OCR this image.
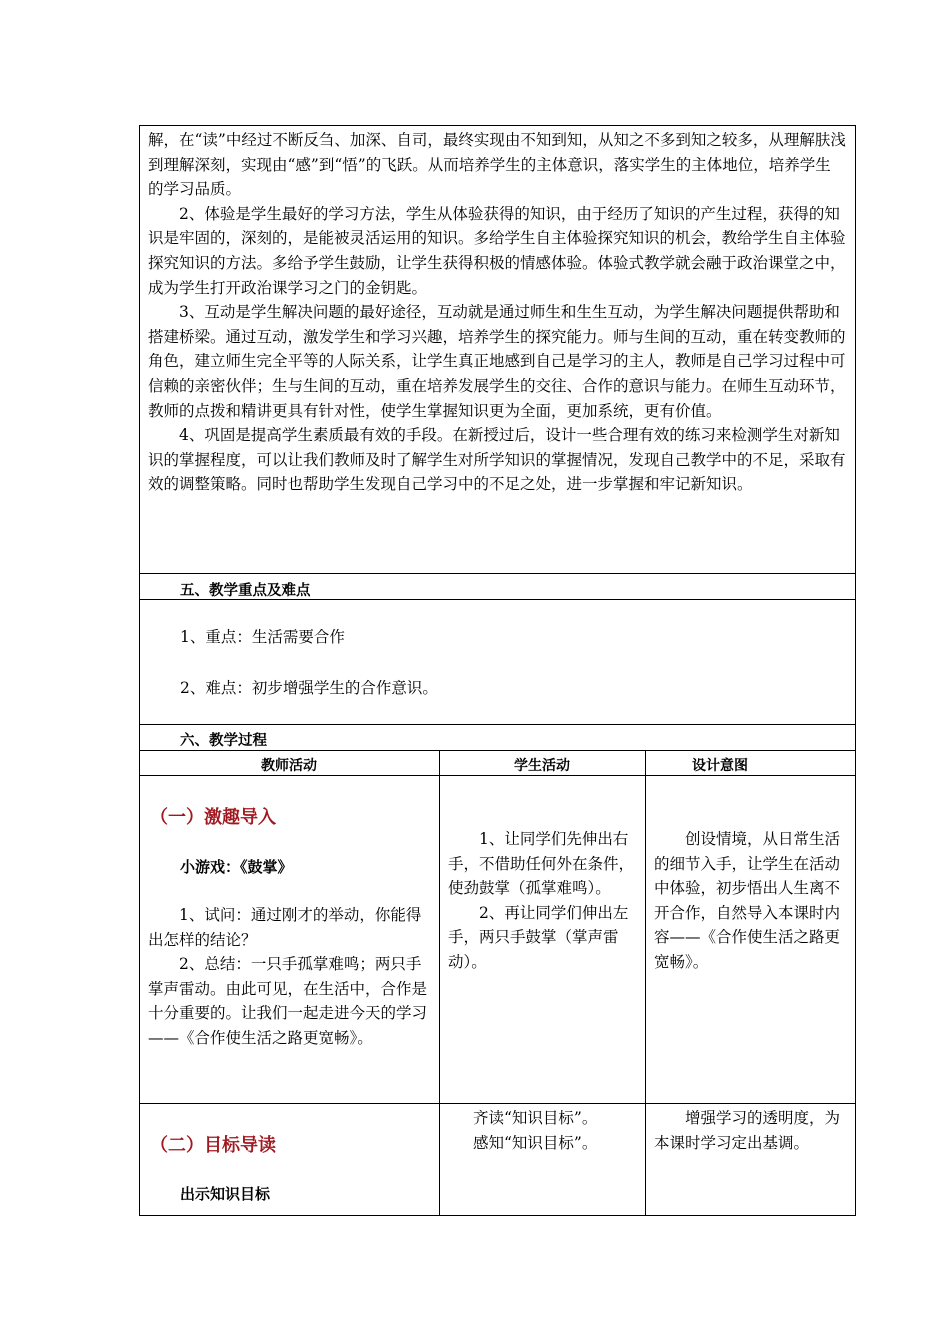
解，在“读”中经过不断反刍、加深、自司，最终实现由不知到知，从知之不多到知之较多，从理解肤浅到理解深刻，实现由“感”到“悟”的飞跃。从而培养学生的主体意识，落实学生的主体地位，培养学生的学习品质。

2、体验是学生最好的学习方法，学生从体验获得的知识，由于经历了知识的产生过程，获得的知识是牢固的，深刻的，是能被灵活运用的知识。多给学生自主体验探究知识的机会，教给学生自主体验探究知识的方法。多给予学生鼓励，让学生获得积极的情感体验。体验式教学就会融于政治课堂之中，成为学生打开政治课学习之门的金钥匙。

3、互动是学生解决问题的最好途径，互动就是通过师生和生生互动，为学生解决问题提供帮助和搭建桥梁。通过互动，激发学生和学习兴趣，培养学生的探究能力。师与生间的互动，重在转变教师的角色，建立师生完全平等的人际关系，让学生真正地感到自己是学习的主人，教师是自己学习过程中可信赖的亲密伙伴；生与生间的互动，重在培养发展学生的交往、合作的意识与能力。在师生互动环节，教师的点拨和精讲更具有针对性，使学生掌握知识更为全面，更加系统，更有价值。

4、巩固是提高学生素质最有效的手段。在新授过后，设计一些合理有效的练习来检测学生对新知识的掌握程度，可以让我们教师及时了解学生对所学知识的掌握情况，发现自己教学中的不足，采取有效的调整策略。同时也帮助学生发现自己学习中的不足之处，进一步掌握和牢记新知识。

五、教学重点及难点
1、重点：生活需要合作
2、难点：初步增强学生的合作意识。
六、教学过程
教师活动	学生活动	设计意图
（一）激趣导入
小游戏：《鼓掌》

1、试问：通过刚才的举动，你能得出怎样的结论？

2、总结：一只手孤掌难鸣；两只手掌声雷动。由此可见，在生活中，合作是十分重要的。让我们一起走进今天的学习——《合作使生活之路更宽畅》。

1、让同学们先伸出右手，不借助任何外在条件，使劲鼓掌（孤掌难鸣）。

2、再让同学们伸出左手，两只手鼓掌（掌声雷动）。

创设情境，从日常生活的细节入手，让学生在活动中体验，初步悟出人生离不开合作，自然导入本课时内容——《合作使生活之路更宽畅》。

（二）目标导读
出示知识目标

齐读“知识目标”。

感知“知识目标”。

增强学习的透明度，为本课时学习定出基调。
